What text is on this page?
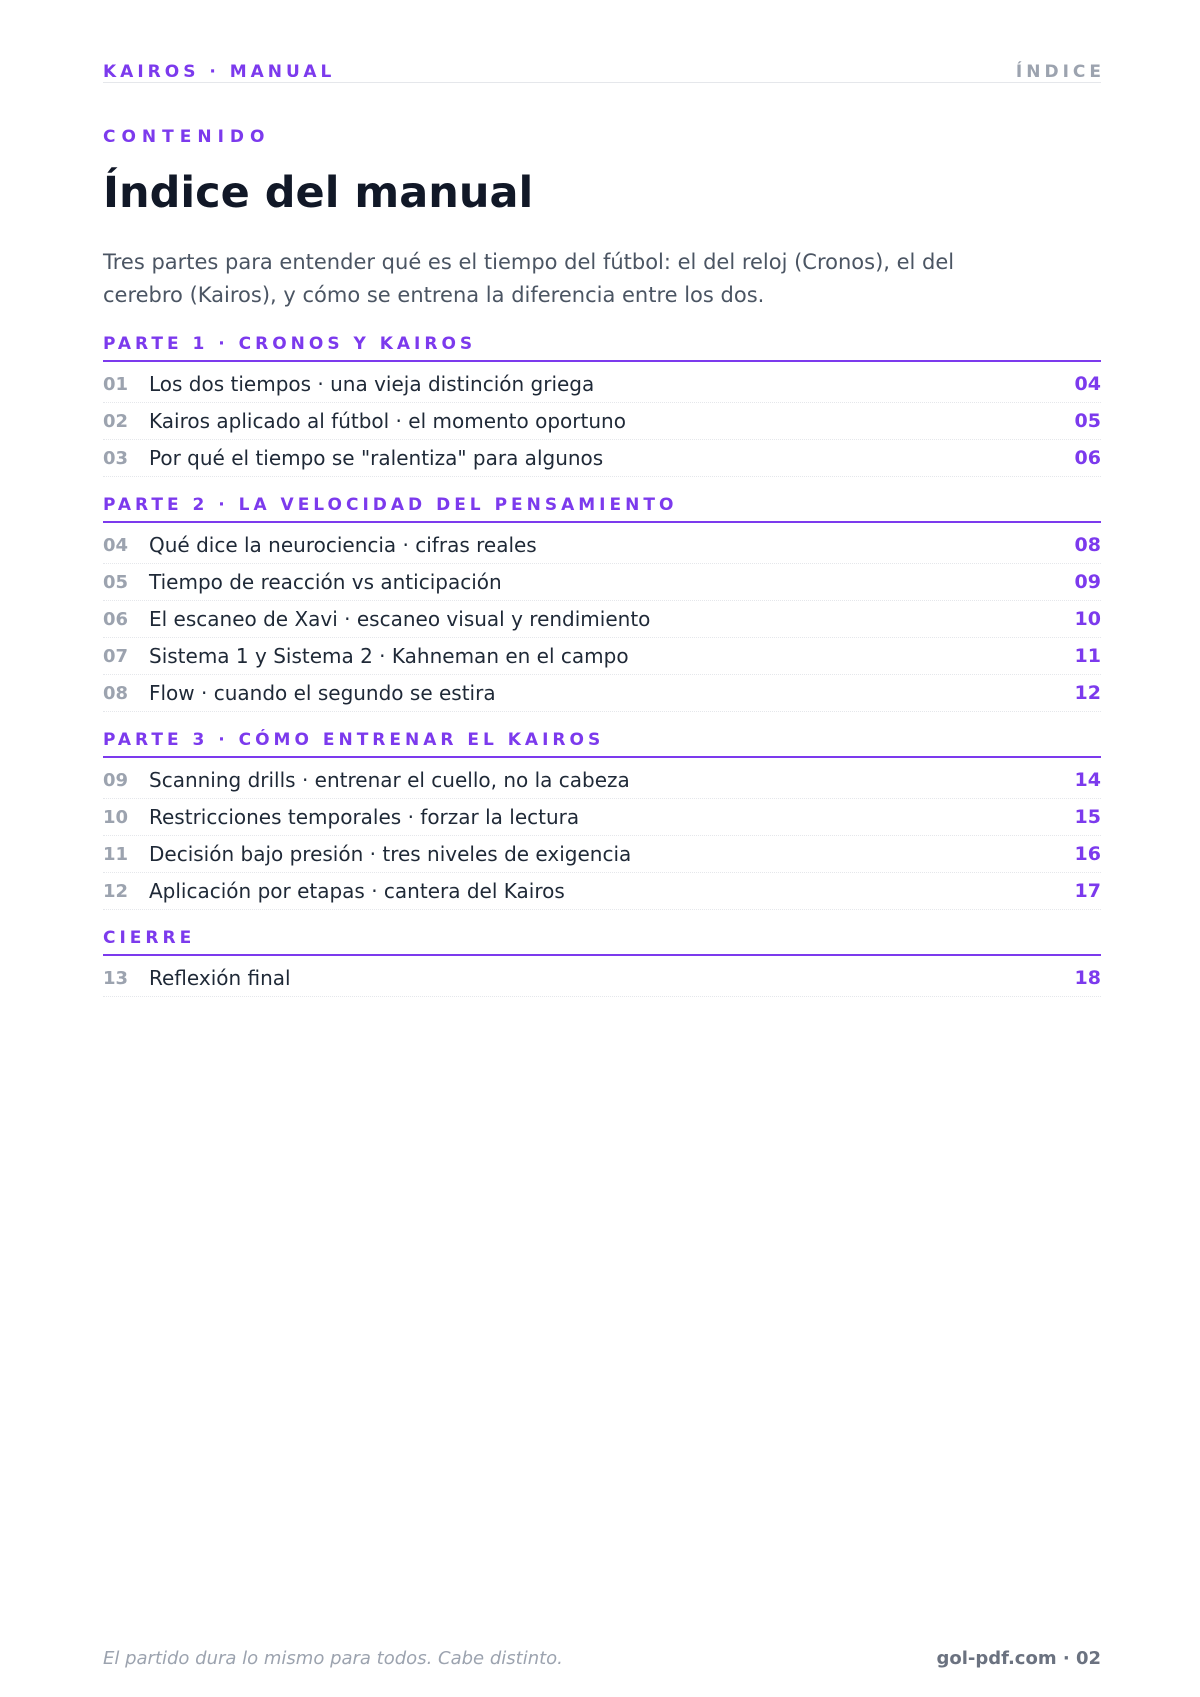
KAIROS · MANUAL	ÍNDICE
CONTENIDO
Índice del manual

Tres partes para entender qué es el tiempo del fútbol: el del reloj (Cronos), el del cerebro (Kairos), y cómo se entrena la diferencia entre los dos.

PARTE 1 · CRONOS Y KAIROS
01	Los dos tiempos · una vieja distinción griega	04
02	Kairos aplicado al fútbol · el momento oportuno	05
03	Por qué el tiempo se "ralentiza" para algunos	06
PARTE 2 · LA VELOCIDAD DEL PENSAMIENTO
04	Qué dice la neurociencia · cifras reales	08
05	Tiempo de reacción vs anticipación	09
06	El escaneo de Xavi · escaneo visual y rendimiento	10
07	Sistema 1 y Sistema 2 · Kahneman en el campo	11
08	Flow · cuando el segundo se estira	12
PARTE 3 · CÓMO ENTRENAR EL KAIROS
09	Scanning drills · entrenar el cuello, no la cabeza	14
10	Restricciones temporales · forzar la lectura	15
11	Decisión bajo presión · tres niveles de exigencia	16
12	Aplicación por etapas · cantera del Kairos	17
CIERRE
13	Reflexión final	18
El partido dura lo mismo para todos. Cabe distinto.	gol-pdf.com · 02
